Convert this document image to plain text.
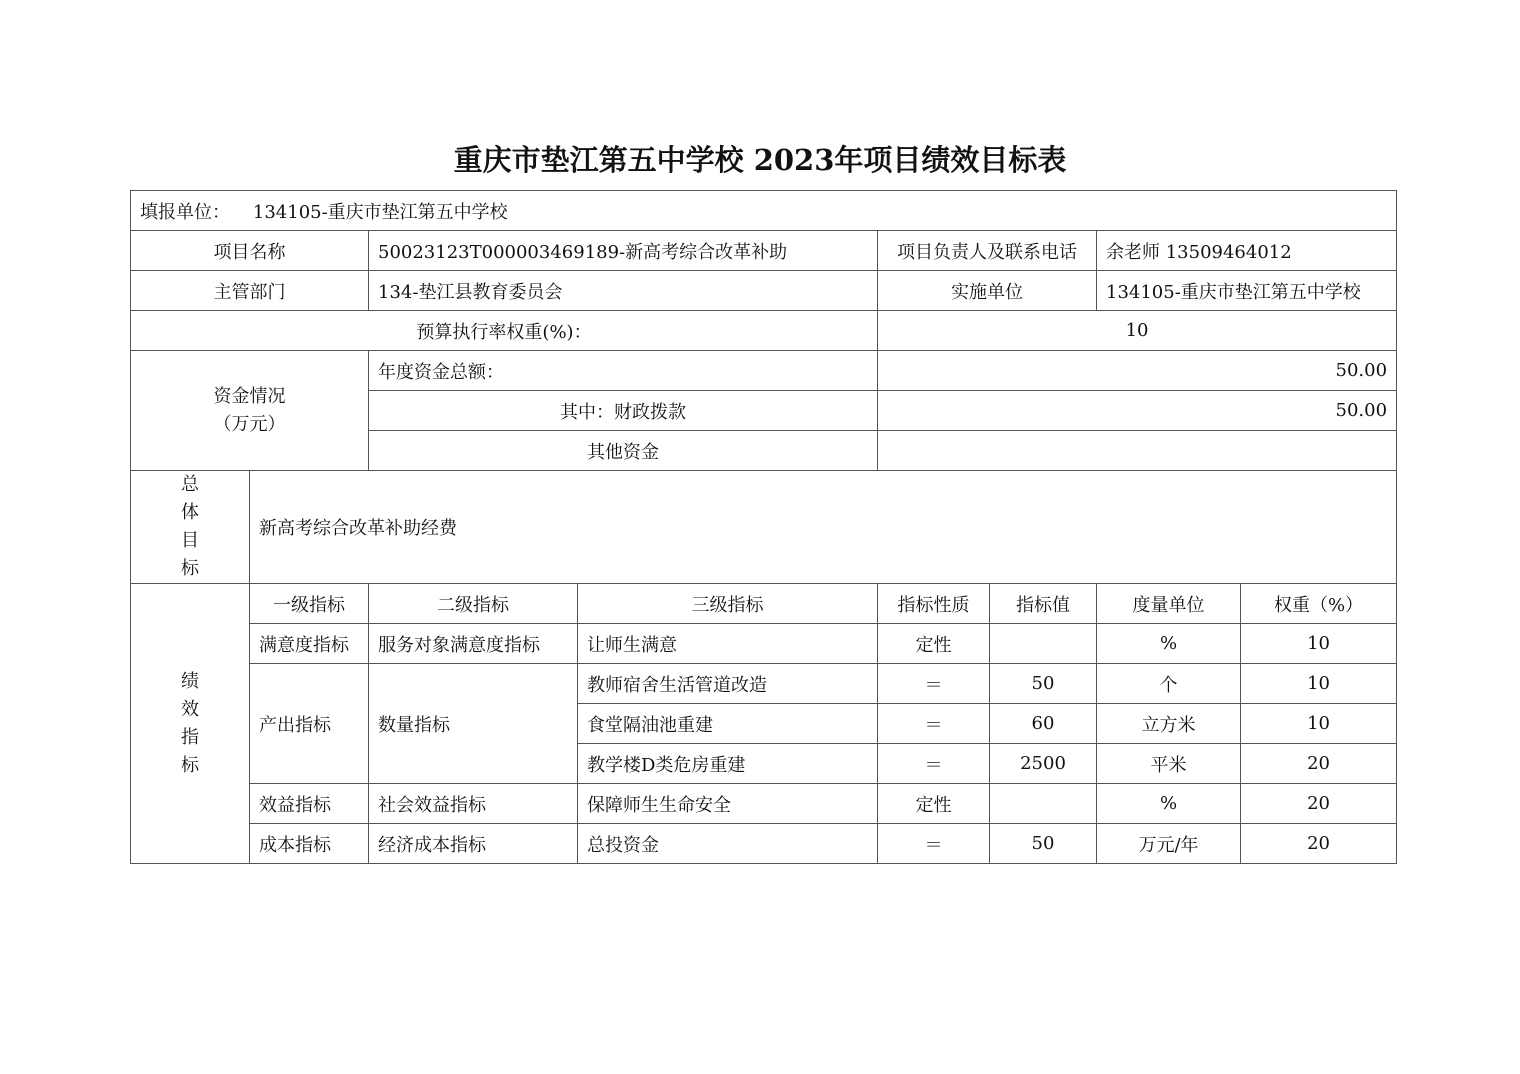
重庆市垫江第五中学校 2023年项目绩效目标表
填报单位： 134105-重庆市垫江第五中学校							
项目名称		50023123T000003469189-新高考综合改革补助		项目负责人及联系电话		余老师 13509464012	
主管部门		134-垫江县教育委员会		实施单位		134105-重庆市垫江第五中学校	
预算执行率权重(%)：				10			

资金情况
（万元）		年度资金总额：		50.00			
		其中：财政拨款		50.00			
		其他资金					

总
体
目
标	新高考综合改革补助经费						

绩
效
指
标	一级指标	二级指标	三级指标	指标性质	指标值	度量单位	权重（%）
	满意度指标	服务对象满意度指标	让师生满意	定性		%	10
	产出指标	数量指标	教师宿舍生活管道改造	＝	50	个	10
			食堂隔油池重建	＝	60	立方米	10
			教学楼D类危房重建	＝	2500	平米	20
	效益指标	社会效益指标	保障师生生命安全	定性		%	20
	成本指标	经济成本指标	总投资金	＝	50	万元/年	20
